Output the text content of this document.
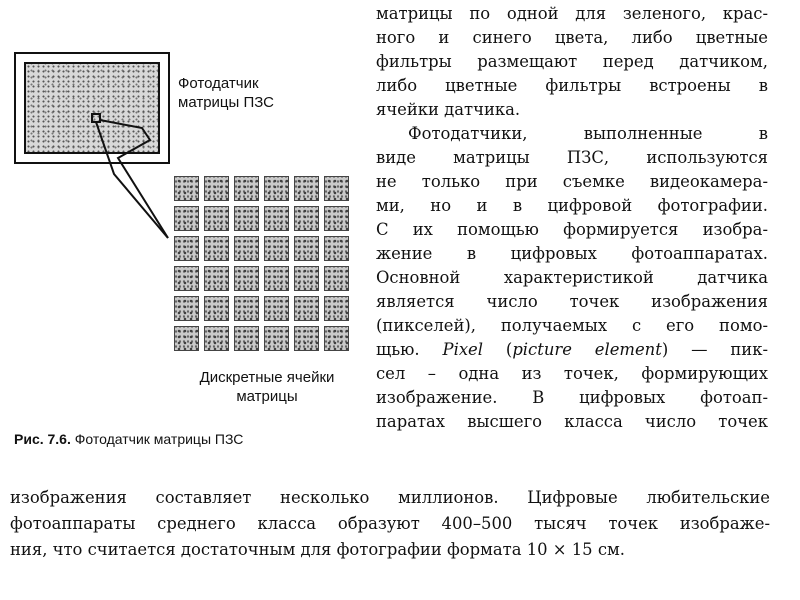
Фотодатчик
матрицы ПЗС
Дискретные ячейки
матрицы
Рис. 7.6. Фотодатчик матрицы ПЗС
матрицы по одной для зеленого, крас-
ного и синего цвета, либо цветные
фильтры размещают перед датчиком,
либо цветные фильтры встроены в
ячейки датчика.
Фотодатчики, выполненные в
виде матрицы ПЗС, используются
не только при съемке видеокамера-
ми, но и в цифровой фотографии.
С их помощью формируется изобра-
жение в цифровых фотоаппаратах.
Основной характеристикой датчика
является число точек изображения
(пикселей), получаемых с его помо-
щью. Pixel (picture element) — пик-
сел – одна из точек, формирующих
изображение. В цифровых фотоап-
паратах высшего класса число точек
изображения составляет несколько миллионов. Цифровые любительские
фотоаппараты среднего класса образуют 400–500 тысяч точек изображе-
ния, что считается достаточным для фотографии формата 10 × 15 см.
